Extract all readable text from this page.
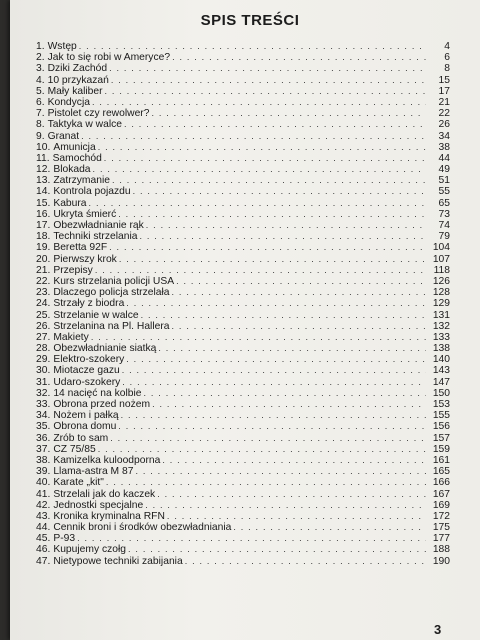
SPIS TREŚCI
1. Wstęp . . .	4
2. Jak to się robi w Ameryce? . . .	6
3. Dziki Zachód . . .	8
4. 10 przykazań . . .	15
5. Mały kaliber . . .	17
6. Kondycja . . .	21
7. Pistolet czy rewolwer? . . .	22
8. Taktyka w walce . . .	26
9. Granat . . .	34
10. Amunicja . . .	38
11. Samochód . . .	44
12. Blokada . . .	49
13. Zatrzymanie . . .	51
14. Kontrola pojazdu . . .	55
15. Kabura . . .	65
16. Ukryta śmierć . . .	73
17. Obezwładnianie rąk . . .	74
18. Techniki strzelania . . .	79
19. Beretta 92F . . .	104
20. Pierwszy krok . . .	107
21. Przepisy . . .	118
22. Kurs strzelania policji USA . . .	126
23. Dlaczego policja strzelała . . .	128
24. Strzały z biodra . . .	129
25. Strzelanie w walce . . .	131
26. Strzelanina na Pl. Hallera . . .	132
27. Makiety . . .	133
28. Obezwładnianie siatką . . .	138
29. Elektro-szokery . . .	140
30. Miotacze gazu . . .	143
31. Udaro-szokery . . .	147
32. 14 nacięć na kolbie . . .	150
33. Obrona przed nożem . . .	153
34. Nożem i pałką . . .	155
35. Obrona domu . . .	156
36. Zrób to sam . . .	157
37. CZ 75/85 . . .	159
38. Kamizelka kuloodporna . . .	161
39. Llama-astra M 87 . . .	165
40. Karate „kit" . . .	166
41. Strzelali jak do kaczek . . .	167
42. Jednostki specjalne . . .	169
43. Kronika kryminalna RFN . . .	172
44. Cennik broni i środków obezwładniania . . .	175
45. P-93 . . .	177
46. Kupujemy czołg . . .	188
47. Nietypowe techniki zabijania . . .	190
3
